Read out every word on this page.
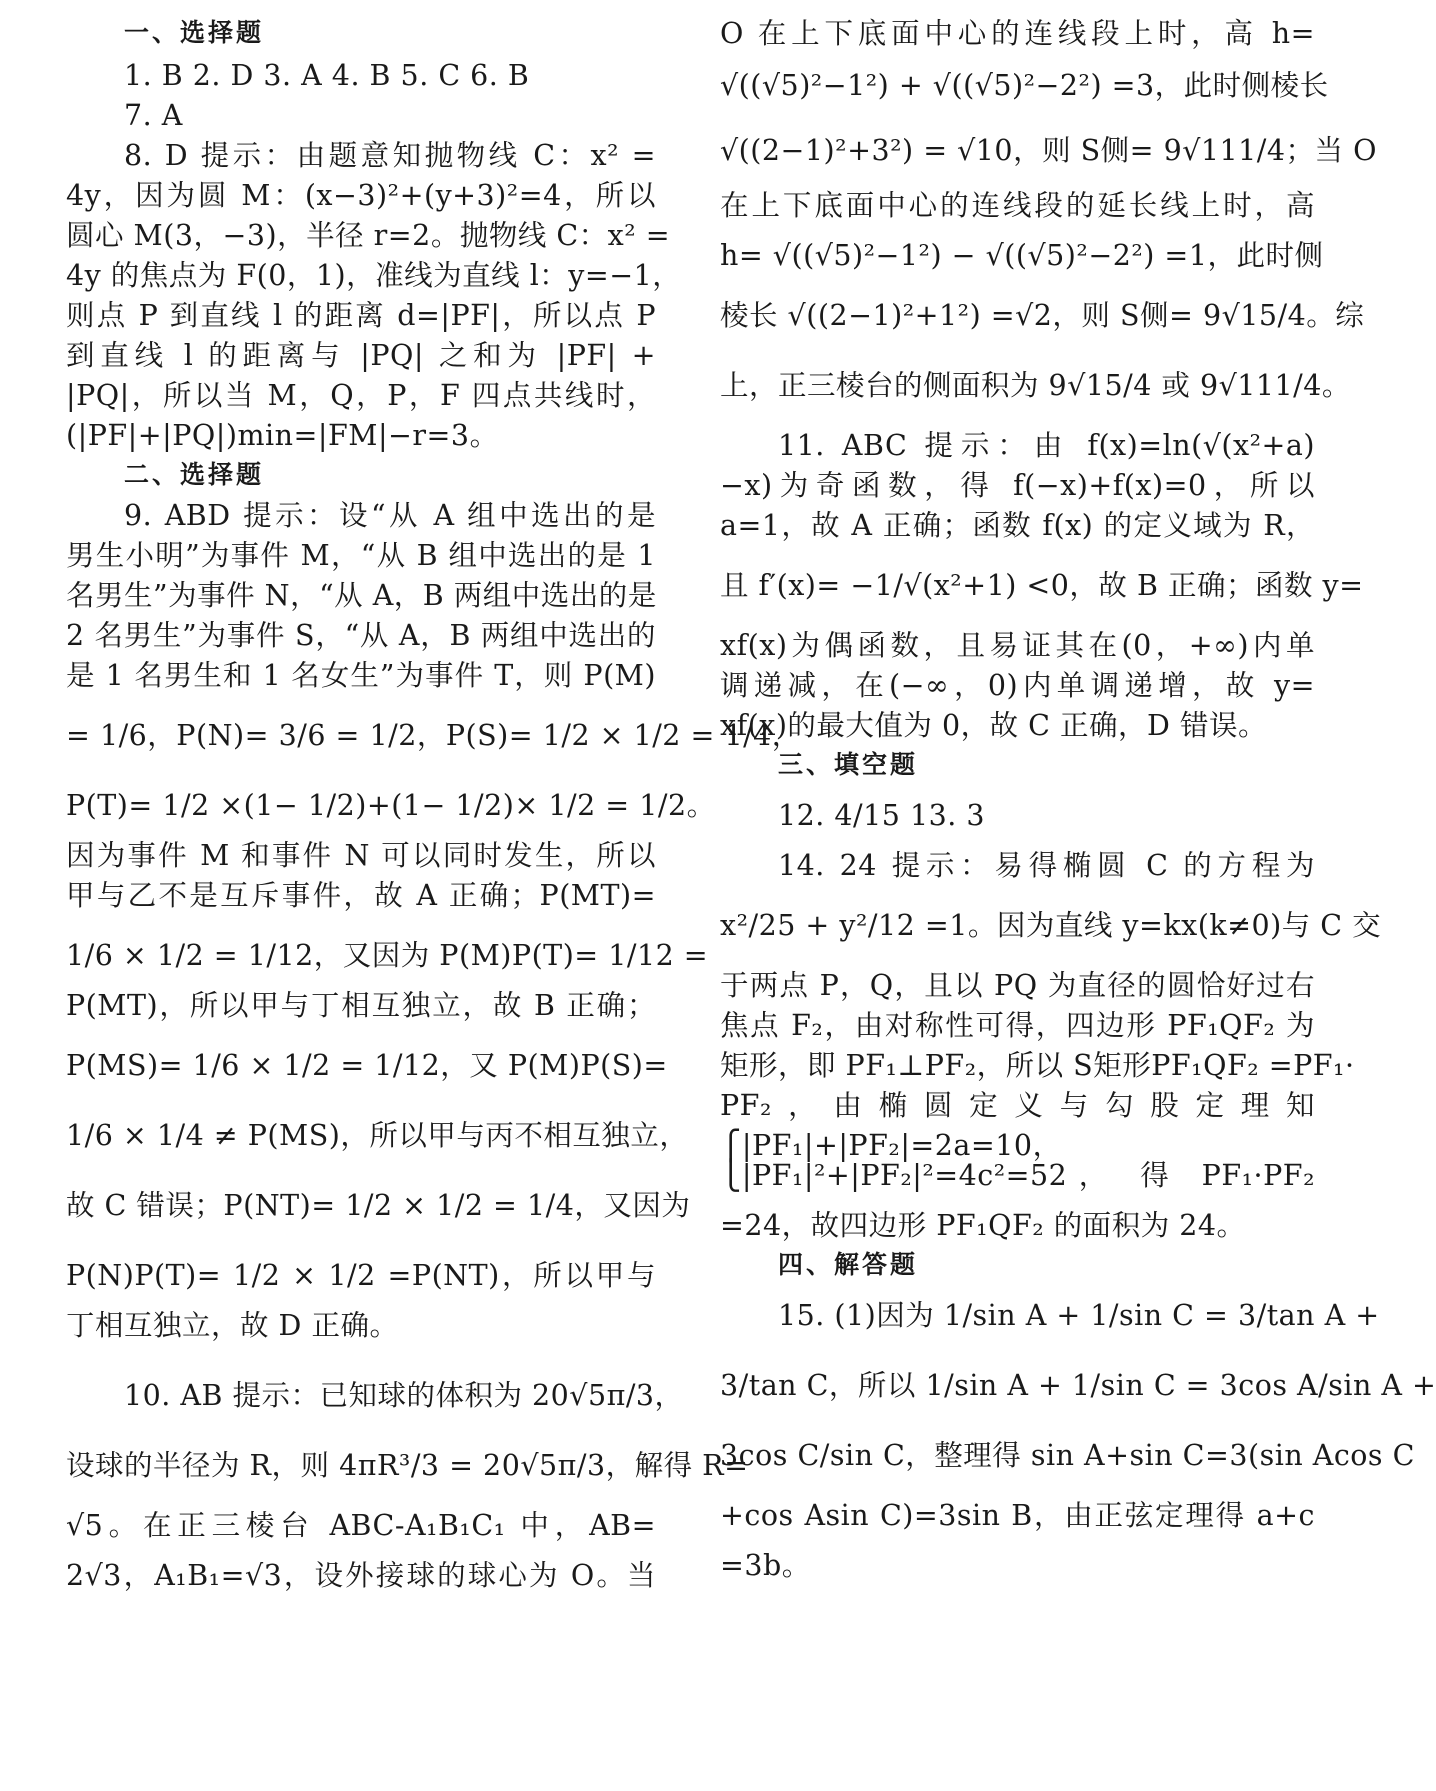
一、选择题
1. B 2. D 3. A 4. B 5. C 6. B
7. A
8. D 提示：由题意知抛物线 C：x² =
4y，因为圆 M：(x−3)²+(y+3)²=4，所以
圆心 M(3，−3)，半径 r=2。抛物线 C：x² =
4y 的焦点为 F(0，1)，准线为直线 l：y=−1，
则点 P 到直线 l 的距离 d=|PF|，所以点 P
到直线 l 的距离与 |PQ| 之和为 |PF| +
|PQ|，所以当 M，Q，P，F 四点共线时，
(|PF|+|PQ|)min=|FM|−r=3。
二、选择题
9. ABD 提示：设“从 A 组中选出的是
男生小明”为事件 M，“从 B 组中选出的是 1
名男生”为事件 N，“从 A，B 两组中选出的是
2 名男生”为事件 S，“从 A，B 两组中选出的
是 1 名男生和 1 名女生”为事件 T，则 P(M)
= 1/6，P(N)= 3/6 = 1/2，P(S)= 1/2 × 1/2 = 1/4，
P(T)= 1/2 ×(1− 1/2)+(1− 1/2)× 1/2 = 1/2。
因为事件 M 和事件 N 可以同时发生，所以
甲与乙不是互斥事件，故 A 正确；P(MT)=
1/6 × 1/2 = 1/12，又因为 P(M)P(T)= 1/12 =
P(MT)，所以甲与丁相互独立，故 B 正确；
P(MS)= 1/6 × 1/2 = 1/12，又 P(M)P(S)=
1/6 × 1/4 ≠ P(MS)，所以甲与丙不相互独立，
故 C 错误；P(NT)= 1/2 × 1/2 = 1/4，又因为
P(N)P(T)= 1/2 × 1/2 =P(NT)，所以甲与
丁相互独立，故 D 正确。
10. AB 提示：已知球的体积为 20√5π/3，
设球的半径为 R，则 4πR³/3 = 20√5π/3，解得 R=
√5。在正三棱台 ABC-A₁B₁C₁ 中，AB=
2√3，A₁B₁=√3，设外接球的球心为 O。当
O 在上下底面中心的连线段上时，高 h=
√((√5)²−1²) + √((√5)²−2²) =3，此时侧棱长
√((2−1)²+3²) = √10，则 S侧= 9√111/4；当 O
在上下底面中心的连线段的延长线上时，高
h= √((√5)²−1²) − √((√5)²−2²) =1，此时侧
棱长 √((2−1)²+1²) =√2，则 S侧= 9√15/4。综
上，正三棱台的侧面积为 9√15/4 或 9√111/4。
11. ABC 提示：由 f(x)=ln(√(x²+a)
−x)为奇函数，得 f(−x)+f(x)=0，所以
a=1，故 A 正确；函数 f(x) 的定义域为 R，
且 f′(x)= −1/√(x²+1) <0，故 B 正确；函数 y=
xf(x)为偶函数，且易证其在(0，+∞)内单
调递减，在(−∞，0)内单调递增，故 y=
xf(x)的最大值为 0，故 C 正确，D 错误。
三、填空题
12. 4/15 13. 3
14. 24 提示：易得椭圆 C 的方程为
x²/25 + y²/12 =1。因为直线 y=kx(k≠0)与 C 交
于两点 P，Q，且以 PQ 为直径的圆恰好过右
焦点 F₂，由对称性可得，四边形 PF₁QF₂ 为
矩形，即 PF₁⊥PF₂，所以 S矩形PF₁QF₂ =PF₁·
PF₂，由椭圆定义与勾股定理知
⎧|PF₁|+|PF₂|=2a=10，
⎩|PF₁|²+|PF₂|²=4c²=52， 得 PF₁·PF₂
=24，故四边形 PF₁QF₂ 的面积为 24。
四、解答题
15. (1)因为 1/sin A + 1/sin C = 3/tan A +
3/tan C，所以 1/sin A + 1/sin C = 3cos A/sin A +
3cos C/sin C，整理得 sin A+sin C=3(sin Acos C
+cos Asin C)=3sin B，由正弦定理得 a+c
=3b。
